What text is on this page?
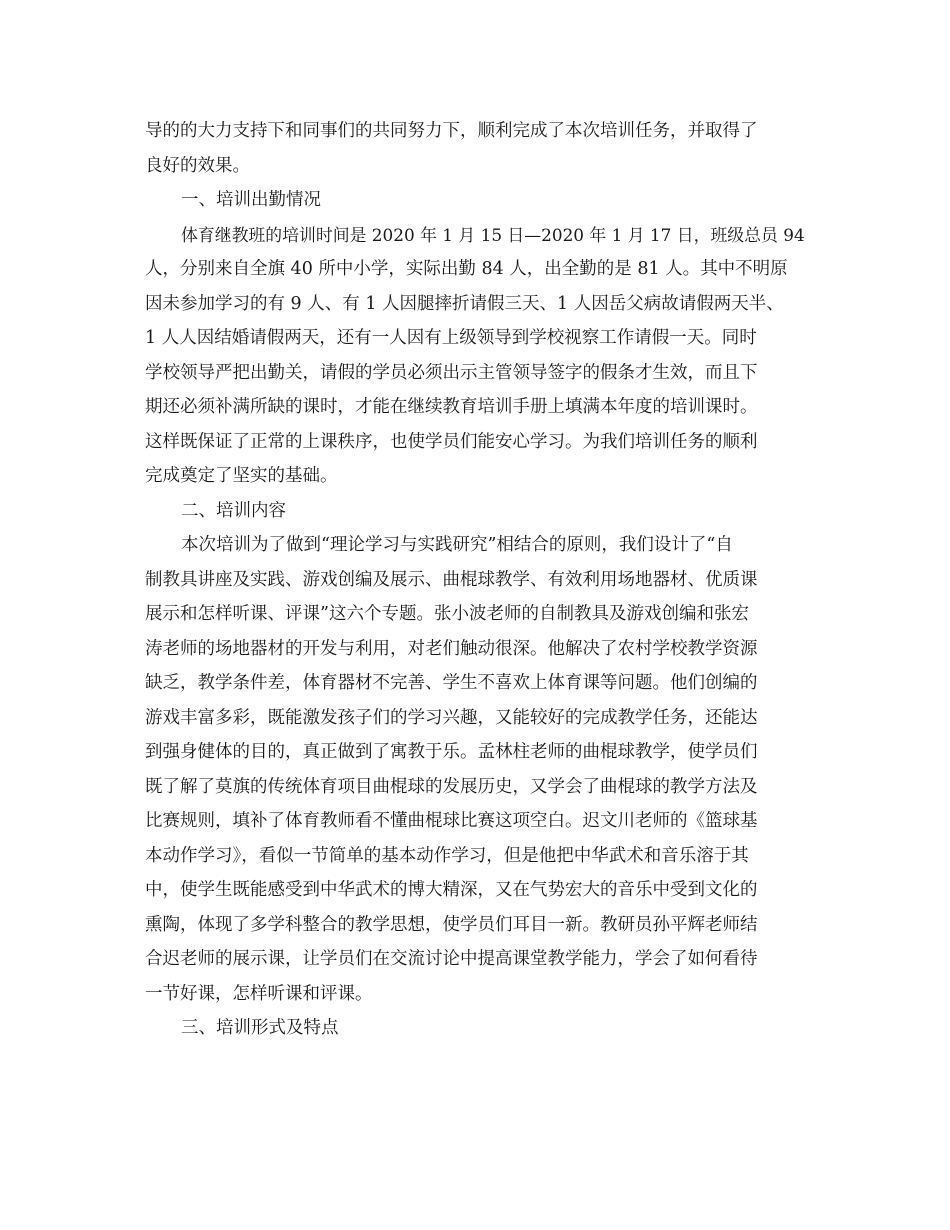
导的的大力支持下和同事们的共同努力下，顺利完成了本次培训任务，并取得了
良好的效果。
一、培训出勤情况
体育继教班的培训时间是 2020 年 1 月 15 日—2020 年 1 月 17 日，班级总员 94
人，分别来自全旗 40 所中小学，实际出勤 84 人，出全勤的是 81 人。其中不明原
因未参加学习的有 9 人、有 1 人因腿摔折请假三天、1 人因岳父病故请假两天半、
1 人人因结婚请假两天，还有一人因有上级领导到学校视察工作请假一天。同时
学校领导严把出勤关，请假的学员必须出示主管领导签字的假条才生效，而且下
期还必须补满所缺的课时，才能在继续教育培训手册上填满本年度的培训课时。
这样既保证了正常的上课秩序，也使学员们能安心学习。为我们培训任务的顺利
完成奠定了坚实的基础。
二、培训内容
本次培训为了做到“理论学习与实践研究”相结合的原则，我们设计了“自
制教具讲座及实践、游戏创编及展示、曲棍球教学、有效利用场地器材、优质课
展示和怎样听课、评课”这六个专题。张小波老师的自制教具及游戏创编和张宏
涛老师的场地器材的开发与利用，对老们触动很深。他解决了农村学校教学资源
缺乏，教学条件差，体育器材不完善、学生不喜欢上体育课等问题。他们创编的
游戏丰富多彩，既能激发孩子们的学习兴趣，又能较好的完成教学任务，还能达
到强身健体的目的，真正做到了寓教于乐。孟林柱老师的曲棍球教学，使学员们
既了解了莫旗的传统体育项目曲棍球的发展历史，又学会了曲棍球的教学方法及
比赛规则，填补了体育教师看不懂曲棍球比赛这项空白。迟文川老师的《篮球基
本动作学习》，看似一节简单的基本动作学习，但是他把中华武术和音乐溶于其
中，使学生既能感受到中华武术的博大精深，又在气势宏大的音乐中受到文化的
熏陶，体现了多学科整合的教学思想，使学员们耳目一新。教研员孙平辉老师结
合迟老师的展示课，让学员们在交流讨论中提高课堂教学能力，学会了如何看待
一节好课，怎样听课和评课。
三、培训形式及特点
